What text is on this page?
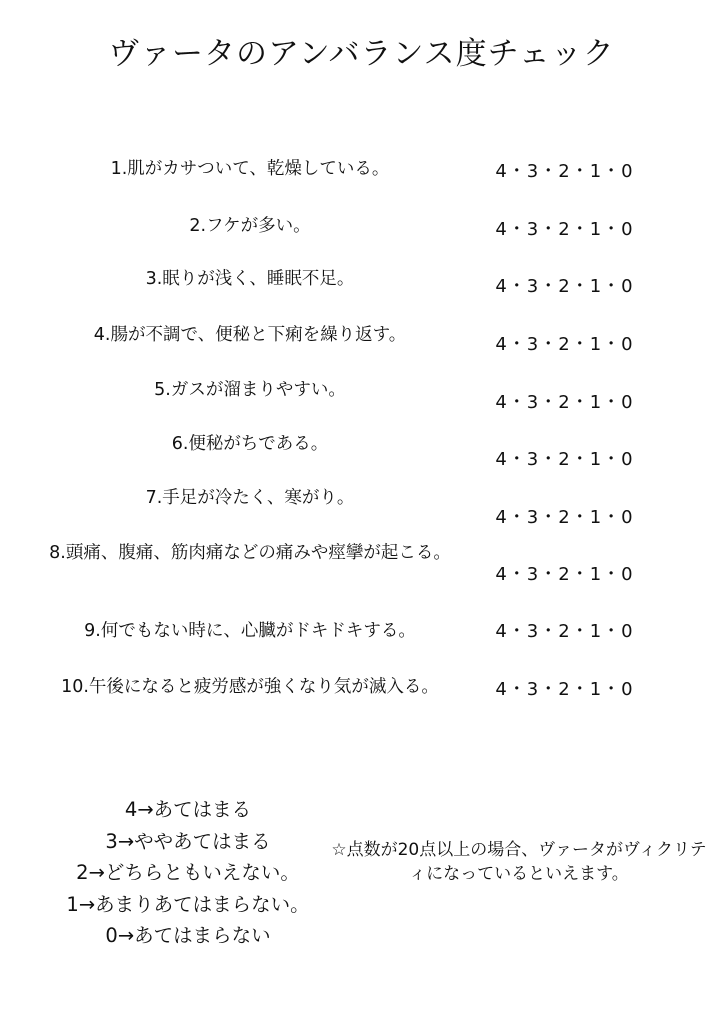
ヴァータのアンバランス度チェック
1.肌がカサついて、乾燥している。	4・3・2・1・0
2.フケが多い。	4・3・2・1・0
3.眠りが浅く、睡眠不足。	4・3・2・1・0
4.腸が不調で、便秘と下痢を繰り返す。	4・3・2・1・0
5.ガスが溜まりやすい。
4・3・2・1・0
6.便秘がちである。
4・3・2・1・0
7.手足が冷たく、寒がり。
4・3・2・1・0
8.頭痛、腹痛、筋肉痛などの痛みや痙攣が起こる。
4・3・2・1・0
9.何でもない時に、心臓がドキドキする。	4・3・2・1・0
10.午後になると疲労感が強くなり気が滅入る。	4・3・2・1・0
4→あてはまる
3→ややあてはまる
2→どちらともいえない。
1→あまりあてはまらない。
0→あてはまらない
☆点数が20点以上の場合、ヴァータがヴィクリティになっているといえます。
